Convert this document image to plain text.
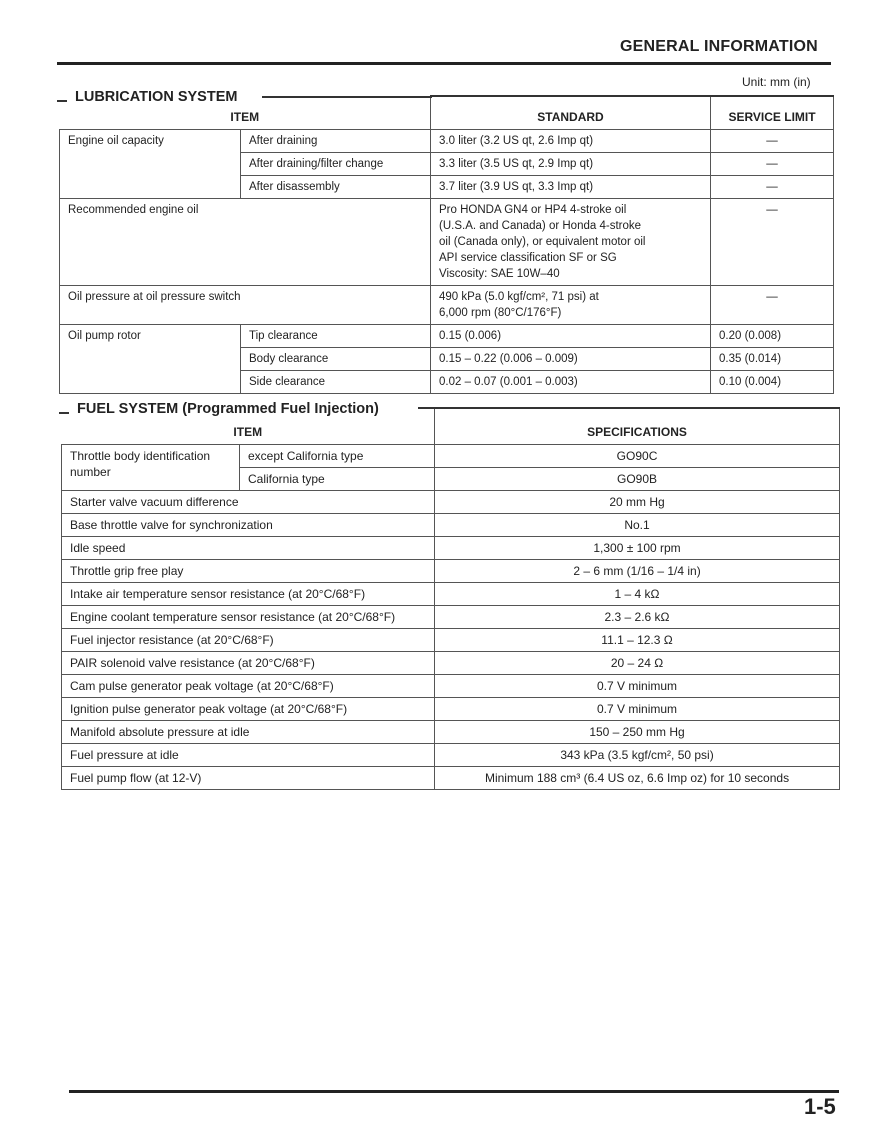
GENERAL INFORMATION
Unit: mm (in)
ITEM		STANDARD	SERVICE LIMIT
Engine oil capacity	After draining	3.0 liter (3.2 US qt, 2.6 Imp qt)	—
	After draining/filter change	3.3 liter (3.5 US qt, 2.9 Imp qt)	—
	After disassembly	3.7 liter (3.9 US qt, 3.3 Imp qt)	—
Recommended engine oil		Pro HONDA GN4 or HP4 4-stroke oil
(U.S.A. and Canada) or Honda 4-stroke
oil (Canada only), or equivalent motor oil
API service classification SF or SG
Viscosity: SAE 10W–40	—
Oil pressure at oil pressure switch		490 kPa (5.0 kgf/cm², 71 psi) at
6,000 rpm (80°C/176°F)	—
Oil pump rotor	Tip clearance	0.15 (0.006)	0.20 (0.008)
	Body clearance	0.15 – 0.22 (0.006 – 0.009)	0.35 (0.014)
	Side clearance	0.02 – 0.07 (0.001 – 0.003)	0.10 (0.004)
LUBRICATION SYSTEM
ITEM		SPECIFICATIONS
Throttle body identification number	except California type	GO90C
	California type	GO90B
Starter valve vacuum difference		20 mm Hg
Base throttle valve for synchronization		No.1
Idle speed		1,300 ± 100 rpm
Throttle grip free play		2 – 6 mm (1/16 – 1/4 in)
Intake air temperature sensor resistance (at 20°C/68°F)		1 – 4 kΩ
Engine coolant temperature sensor resistance (at 20°C/68°F)		2.3 – 2.6 kΩ
Fuel injector resistance (at 20°C/68°F)		11.1 – 12.3 Ω
PAIR solenoid valve resistance (at 20°C/68°F)		20 – 24 Ω
Cam pulse generator peak voltage (at 20°C/68°F)		0.7 V minimum
Ignition pulse generator peak voltage (at 20°C/68°F)		0.7 V minimum
Manifold absolute pressure at idle		150 – 250 mm Hg
Fuel pressure at idle		343 kPa (3.5 kgf/cm², 50 psi)
Fuel pump flow (at 12-V)		Minimum 188 cm³ (6.4 US oz, 6.6 Imp oz) for 10 seconds
FUEL SYSTEM (Programmed Fuel Injection)
1-5
